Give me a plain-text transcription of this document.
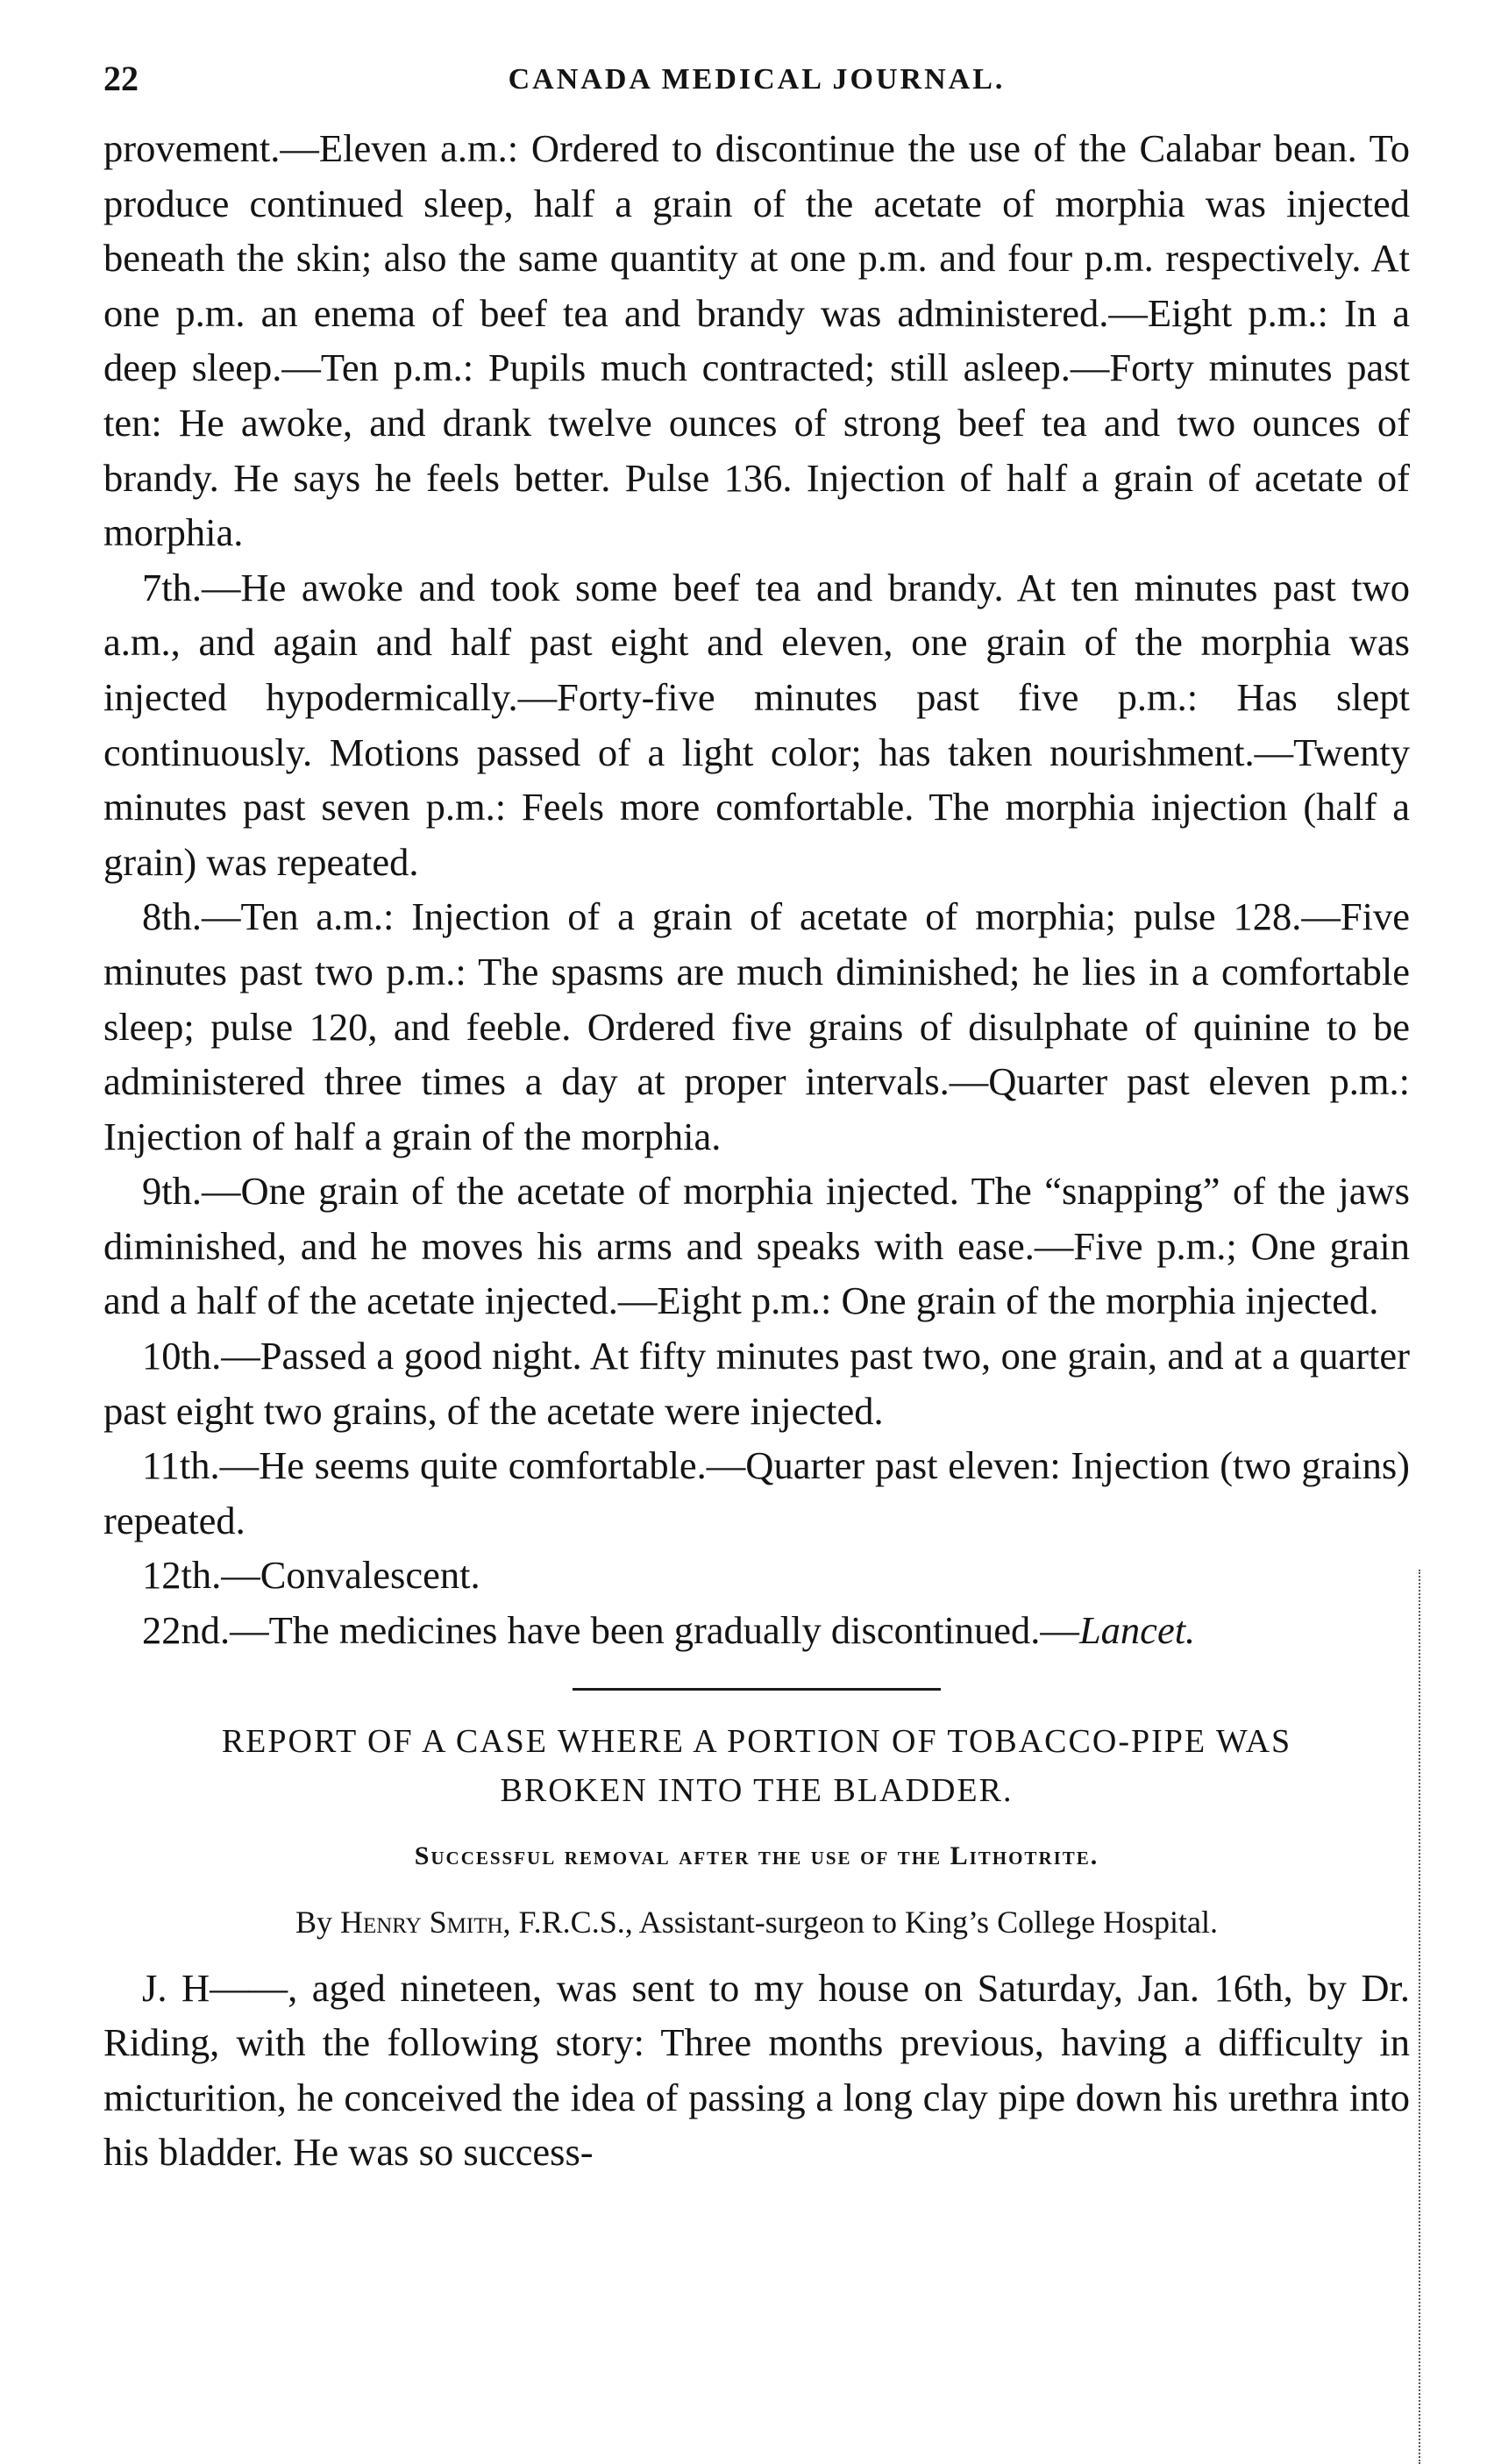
22	CANADA MEDICAL JOURNAL.

provement.—Eleven a.m.: Ordered to discontinue the use of the Calabar bean. To produce continued sleep, half a grain of the acetate of morphia was injected beneath the skin; also the same quantity at one p.m. and four p.m. respectively. At one p.m. an enema of beef tea and brandy was administered.—Eight p.m.: In a deep sleep.—Ten p.m.: Pupils much contracted; still asleep.—Forty minutes past ten: He awoke, and drank twelve ounces of strong beef tea and two ounces of brandy. He says he feels better. Pulse 136. Injection of half a grain of acetate of morphia.

7th.—He awoke and took some beef tea and brandy. At ten minutes past two a.m., and again and half past eight and eleven, one grain of the morphia was injected hypodermically.—Forty-five minutes past five p.m.: Has slept continuously. Motions passed of a light color; has taken nourishment.—Twenty minutes past seven p.m.: Feels more comfortable. The morphia injection (half a grain) was repeated.

8th.—Ten a.m.: Injection of a grain of acetate of morphia; pulse 128.—Five minutes past two p.m.: The spasms are much diminished; he lies in a comfortable sleep; pulse 120, and feeble. Ordered five grains of disulphate of quinine to be administered three times a day at proper intervals.—Quarter past eleven p.m.: Injection of half a grain of the morphia.

9th.—One grain of the acetate of morphia injected. The “snapping” of the jaws diminished, and he moves his arms and speaks with ease.—Five p.m.; One grain and a half of the acetate injected.—Eight p.m.: One grain of the morphia injected.

10th.—Passed a good night. At fifty minutes past two, one grain, and at a quarter past eight two grains, of the acetate were injected.

11th.—He seems quite comfortable.—Quarter past eleven: Injection (two grains) repeated.

12th.—Convalescent.

22nd.—The medicines have been gradually discontinued.—Lancet.

REPORT OF A CASE WHERE A PORTION OF TOBACCO-PIPE WAS
BROKEN INTO THE BLADDER.

Successful removal after the use of the Lithotrite.

By Henry Smith, F.R.C.S., Assistant-surgeon to King’s College Hospital.

J. H——, aged nineteen, was sent to my house on Saturday, Jan. 16th, by Dr. Riding, with the following story: Three months previous, having a difficulty in micturition, he conceived the idea of passing a long clay pipe down his urethra into his bladder. He was so success-
